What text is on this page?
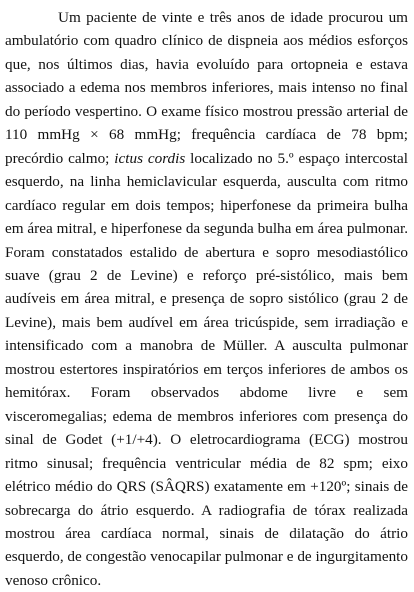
Um paciente de vinte e três anos de idade procurou um ambulatório com quadro clínico de dispneia aos médios esforços que, nos últimos dias, havia evoluído para ortopneia e estava associado a edema nos membros inferiores, mais intenso no final do período vespertino. O exame físico mostrou pressão arterial de 110 mmHg × 68 mmHg; frequência cardíaca de 78 bpm; precórdio calmo; ictus cordis localizado no 5.º espaço intercostal esquerdo, na linha hemiclavicular esquerda, ausculta com ritmo cardíaco regular em dois tempos; hiperfonese da primeira bulha em área mitral, e hiperfonese da segunda bulha em área pulmonar. Foram constatados estalido de abertura e sopro mesodiastólico suave (grau 2 de Levine) e reforço pré-sistólico, mais bem audíveis em área mitral, e presença de sopro sistólico (grau 2 de Levine), mais bem audível em área tricúspide, sem irradiação e intensificado com a manobra de Müller. A ausculta pulmonar mostrou estertores inspiratórios em terços inferiores de ambos os hemitórax. Foram observados abdome livre e sem visceromegalias; edema de membros inferiores com presença do sinal de Godet (+1/+4). O eletrocardiograma (ECG) mostrou ritmo sinusal; frequência ventricular média de 82 spm; eixo elétrico médio do QRS (SÂQRS) exatamente em +120º; sinais de sobrecarga do átrio esquerdo. A radiografia de tórax realizada mostrou área cardíaca normal, sinais de dilatação do átrio esquerdo, de congestão venocapilar pulmonar e de ingurgitamento venoso crônico.
